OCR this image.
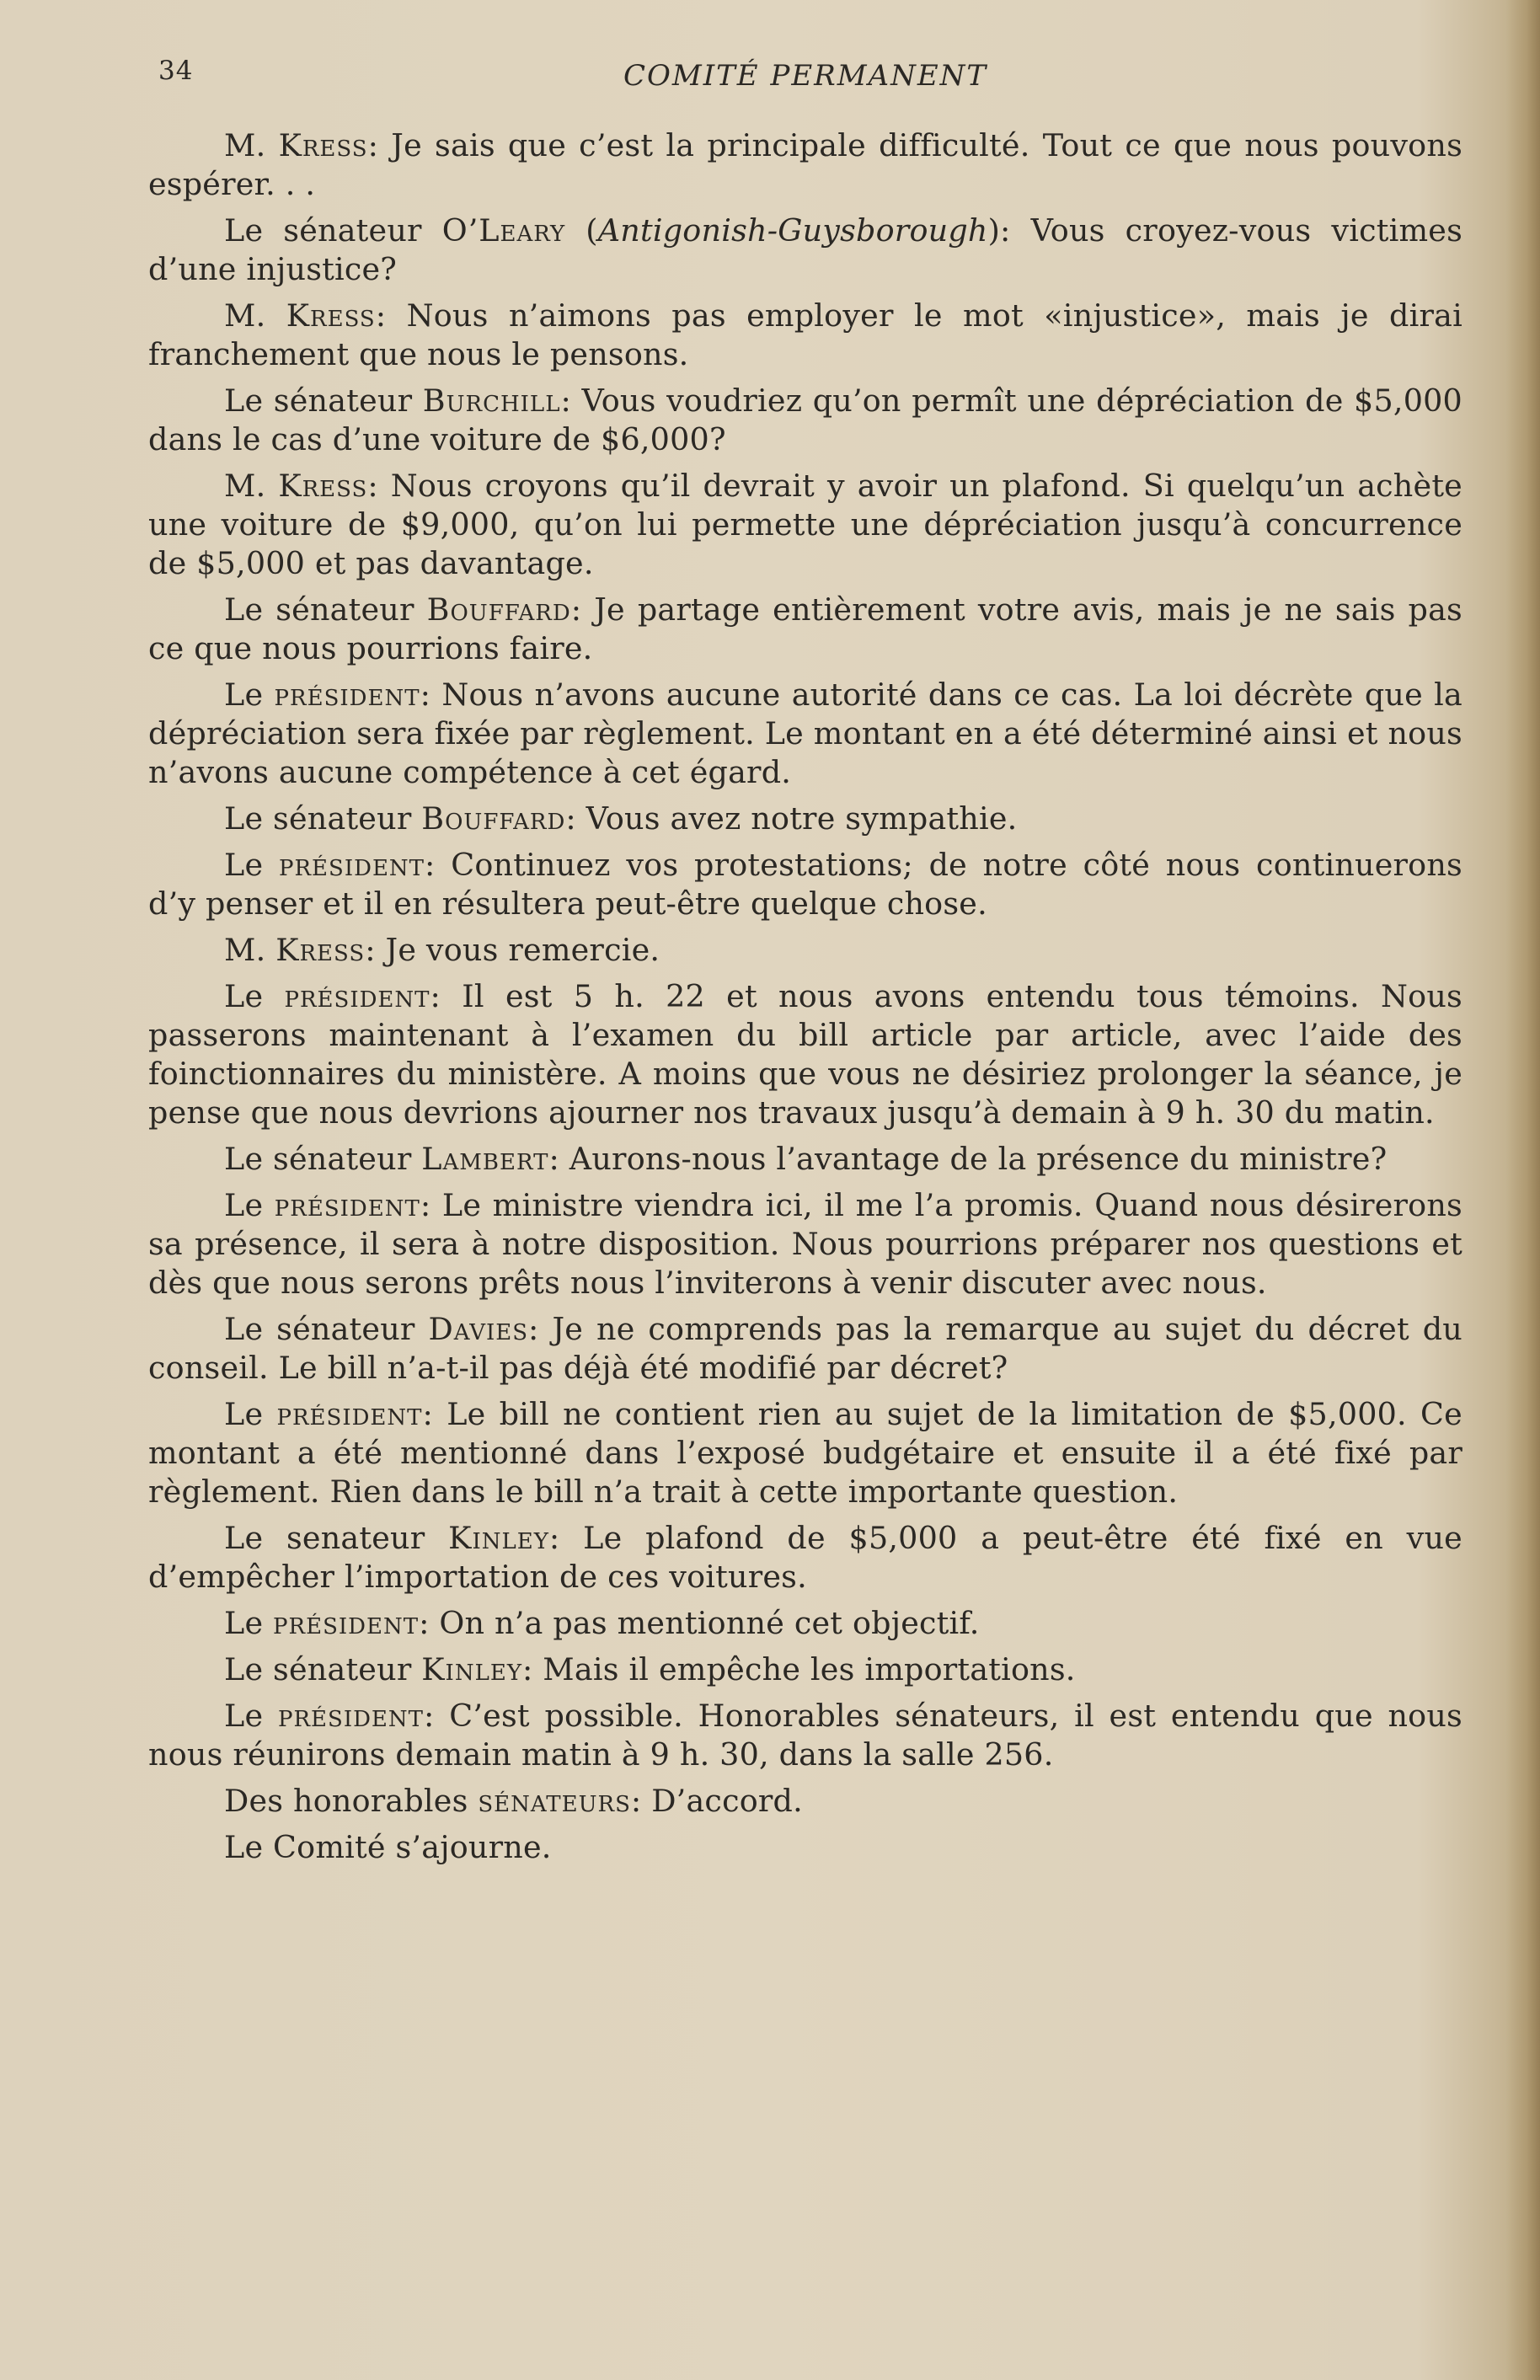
34	COMITÉ PERMANENT

M. Kress: Je sais que c’est la principale difficulté. Tout ce que nous pouvons espérer. . .

Le sénateur O’Leary (Antigonish-Guysborough): Vous croyez-vous victimes d’une injustice?

M. Kress: Nous n’aimons pas employer le mot «injustice», mais je dirai franchement que nous le pensons.

Le sénateur Burchill: Vous voudriez qu’on permît une dépréciation de $5,000 dans le cas d’une voiture de $6,000?

M. Kress: Nous croyons qu’il devrait y avoir un plafond. Si quelqu’un achète une voiture de $9,000, qu’on lui permette une dépréciation jusqu’à concurrence de $5,000 et pas davantage.

Le sénateur Bouffard: Je partage entièrement votre avis, mais je ne sais pas ce que nous pourrions faire.

Le président: Nous n’avons aucune autorité dans ce cas. La loi décrète que la dépréciation sera fixée par règlement. Le montant en a été déterminé ainsi et nous n’avons aucune compétence à cet égard.

Le sénateur Bouffard: Vous avez notre sympathie.

Le président: Continuez vos protestations; de notre côté nous continuerons d’y penser et il en résultera peut-être quelque chose.

M. Kress: Je vous remercie.

Le président: Il est 5 h. 22 et nous avons entendu tous témoins. Nous passerons maintenant à l’examen du bill article par article, avec l’aide des foinctionnaires du ministère. A moins que vous ne désiriez prolonger la séance, je pense que nous devrions ajourner nos travaux jusqu’à demain à 9 h. 30 du matin.

Le sénateur Lambert: Aurons-nous l’avantage de la présence du ministre?

Le président: Le ministre viendra ici, il me l’a promis. Quand nous désirerons sa présence, il sera à notre disposition. Nous pourrions préparer nos questions et dès que nous serons prêts nous l’inviterons à venir discuter avec nous.

Le sénateur Davies: Je ne comprends pas la remarque au sujet du décret du conseil. Le bill n’a-t-il pas déjà été modifié par décret?

Le président: Le bill ne contient rien au sujet de la limitation de $5,000. Ce montant a été mentionné dans l’exposé budgétaire et ensuite il a été fixé par règlement. Rien dans le bill n’a trait à cette importante question.

Le senateur Kinley: Le plafond de $5,000 a peut-être été fixé en vue d’empêcher l’importation de ces voitures.

Le président: On n’a pas mentionné cet objectif.

Le sénateur Kinley: Mais il empêche les importations.

Le président: C’est possible. Honorables sénateurs, il est entendu que nous nous réunirons demain matin à 9 h. 30, dans la salle 256.

Des honorables sénateurs: D’accord.

Le Comité s’ajourne.
